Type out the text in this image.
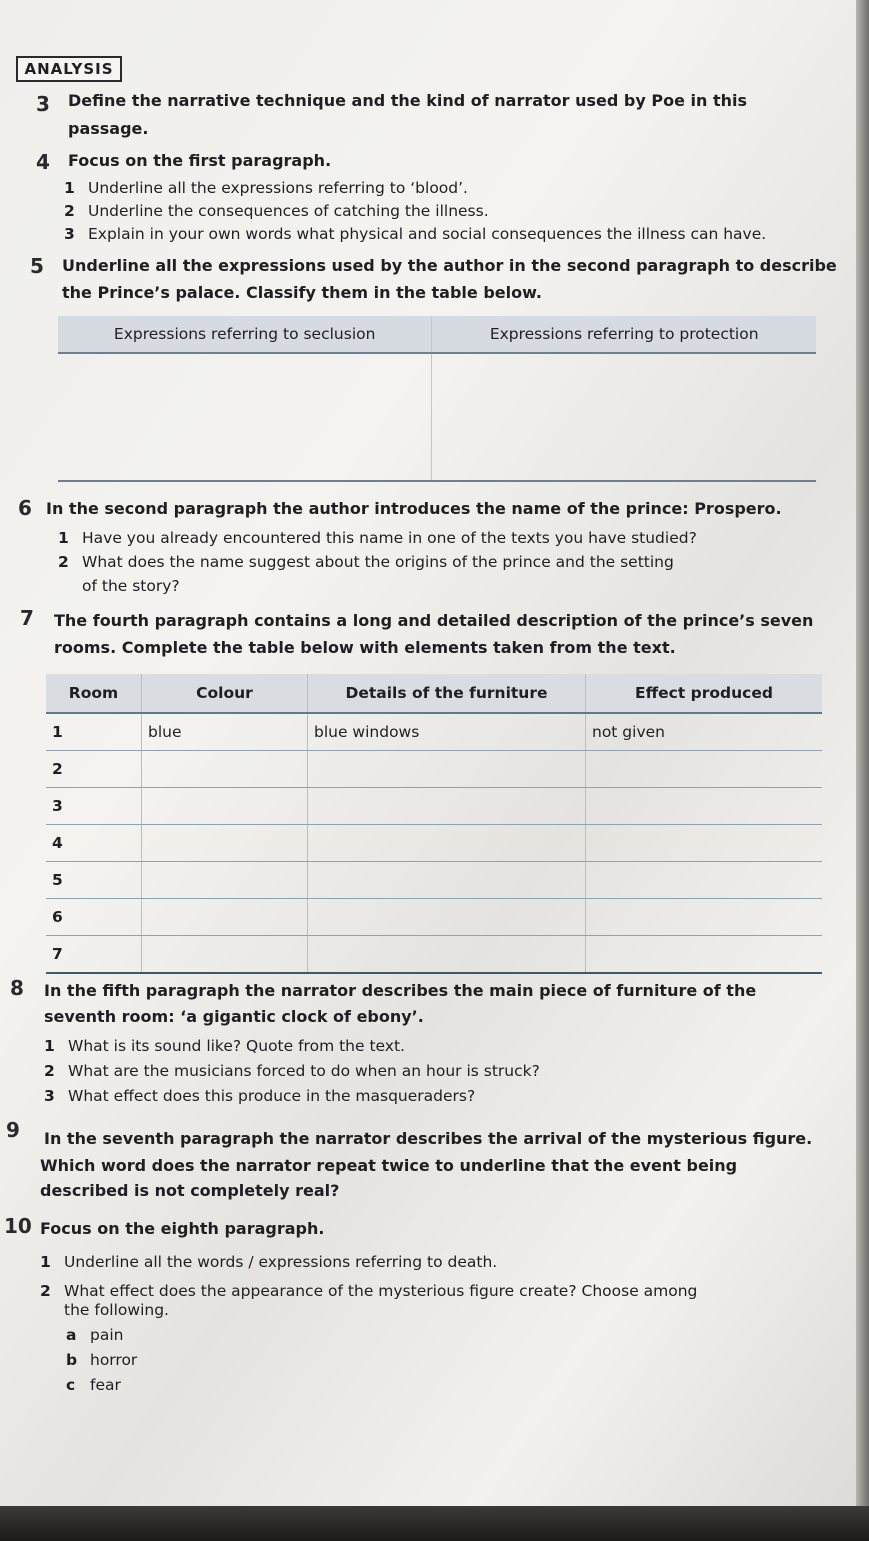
ANALYSIS
3 Define the narrative technique and the kind of narrator used by Poe in this
passage.
4 Focus on the first paragraph.
1 Underline all the expressions referring to ‘blood’.
2 Underline the consequences of catching the illness.
3 Explain in your own words what physical and social consequences the illness can have.
5 Underline all the expressions used by the author in the second paragraph to describe
the Prince’s palace. Classify them in the table below.
Expressions referring to seclusion	Expressions referring to protection

6 In the second paragraph the author introduces the name of the prince: Prospero.
1 Have you already encountered this name in one of the texts you have studied?
2 What does the name suggest about the origins of the prince and the setting
of the story?
7 The fourth paragraph contains a long and detailed description of the prince’s seven
rooms. Complete the table below with elements taken from the text.
Room	Colour	Details of the furniture	Effect produced
1	blue	blue windows	not given
2			
3			
4			
5			
6			
7			
8 In the fifth paragraph the narrator describes the main piece of furniture of the
seventh room: ‘a gigantic clock of ebony’.
1 What is its sound like? Quote from the text.
2 What are the musicians forced to do when an hour is struck?
3 What effect does this produce in the masqueraders?
9 In the seventh paragraph the narrator describes the arrival of the mysterious figure.
Which word does the narrator repeat twice to underline that the event being
described is not completely real?
10 Focus on the eighth paragraph.
1 Underline all the words / expressions referring to death.
2 What effect does the appearance of the mysterious figure create? Choose among
the following.
a pain
b horror
c fear
